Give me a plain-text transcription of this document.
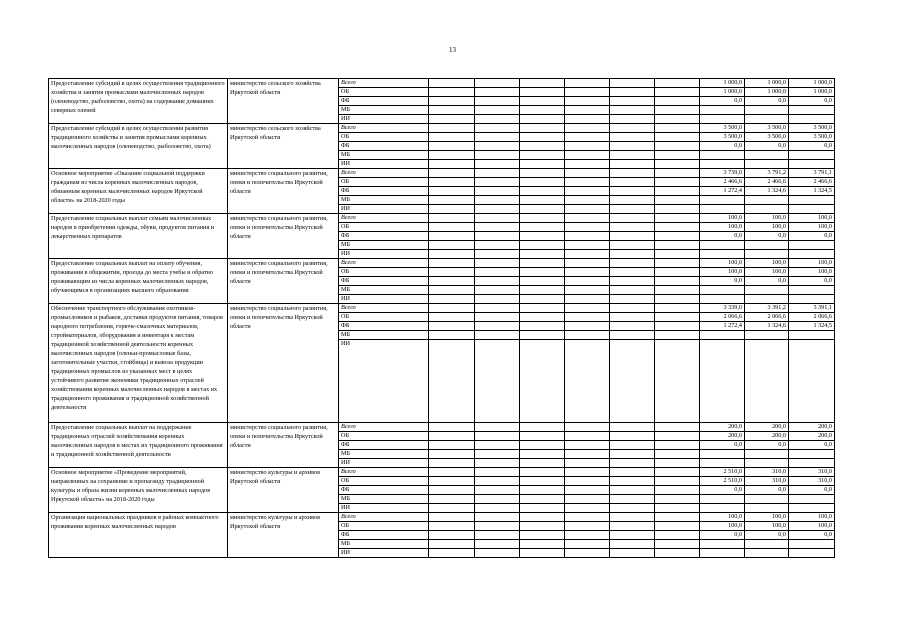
13
Предоставление субсидий в целях осуществления традиционного хозяйства и занятия промыслами малочисленных народов (оленеводство, рыболовство, охота) на содержание домашних северных оленей	министерство сельского хозяйства Иркутской области	Всего							1 000,0	1 000,0	1 000,0
		ОБ							1 000,0	1 000,0	1 000,0
		ФБ							0,0	0,0	0,0
		МБ									
		ИИ									
Предоставление субсидий в целях осуществления развития традиционного хозяйства и занятия промыслами коренных малочисленных народов (оленеводство, рыболовство, охота)	министерство сельского хозяйства Иркутской области	Всего							3 500,0	3 500,0	3 500,0
		ОБ							3 500,0	3 500,0	3 500,0
		ФБ							0,0	0,0	0,0
		МБ									
		ИИ									
Основное мероприятие «Оказание социальной поддержки гражданам из числа коренных малочисленных народов, обязанным коренных малочисленных народов Иркутской области» на 2018-2020 годы	министерство социального развития, опеки и попечительства Иркутской области	Всего							3 739,0	3 791,2	3 791,1
		ОБ							2 466,6	2 466,6	2 466,6
		ФБ							1 272,4	1 324,6	1 324,5
		МБ									
		ИИ									
Предоставление социальных выплат семьям малочисленных народов в приобретении одежды, обуви, продуктов питания и лекарственных препаратов	министерство социального развития, опеки и попечительства Иркутской области	Всего							100,0	100,0	100,0
		ОБ							100,0	100,0	100,0
		ФБ							0,0	0,0	0,0
		МБ									
		ИИ									
Предоставление социальных выплат на оплату обучения, проживания в общежитии, проезда до места учебы и обратно проживающим из числа коренных малочисленных народов, обучающимся в организациях высшего образования	министерство социального развития, опеки и попечительства Иркутской области	Всего							100,0	100,0	100,0
		ОБ							100,0	100,0	100,0
		ФБ							0,0	0,0	0,0
		МБ									
		ИИ									
Обеспечение транспортного обслуживания охотников-промысловиков и рыбаков, доставки продуктов питания, товаров народного потребления, горюче-смазочных материалов, стройматериалов, оборудования и инвентаря к местам традиционной хозяйственной деятельности коренных малочисленных народов (оленьи-промысловые базы, заготовительные участки, стойбища) и вывоза продукции традиционных промыслов из указанных мест в целях устойчивого развития экономики традиционных отраслей хозяйствования коренных малочисленных народов в местах их традиционного проживания и традиционной хозяйственной деятельности	министерство социального развития, опеки и попечительства Иркутской области	Всего							3 339,0	3 391,2	3 391,1
		ОБ							2 066,6	2 066,6	2 066,6
		ФБ							1 272,4	1 324,6	1 324,5
		МБ									
		ИИ									
Предоставление социальных выплат на поддержание традиционных отраслей хозяйствования коренных малочисленных народов в местах их традиционного проживания и традиционной хозяйственной деятельности	министерство социального развития, опеки и попечительства Иркутской области	Всего							200,0	200,0	200,0
		ОБ							200,0	200,0	200,0
		ФБ							0,0	0,0	0,0
		МБ									
		ИИ									
Основное мероприятие «Проведение мероприятий, направленных на сохранение и пропаганду традиционной культуры и образа жизни коренных малочисленных народов Иркутской области» на 2018-2020 годы	министерство культуры и архивов Иркутской области	Всего							2 510,0	310,0	310,0
		ОБ							2 510,0	310,0	310,0
		ФБ							0,0	0,0	0,0
		МБ									
		ИИ									
Организация национальных праздников в районах компактного проживания коренных малочисленных народов	министерство культуры и архивов Иркутской области	Всего							100,0	100,0	100,0
		ОБ							100,0	100,0	100,0
		ФБ							0,0	0,0	0,0
		МБ									
		ИИ									
